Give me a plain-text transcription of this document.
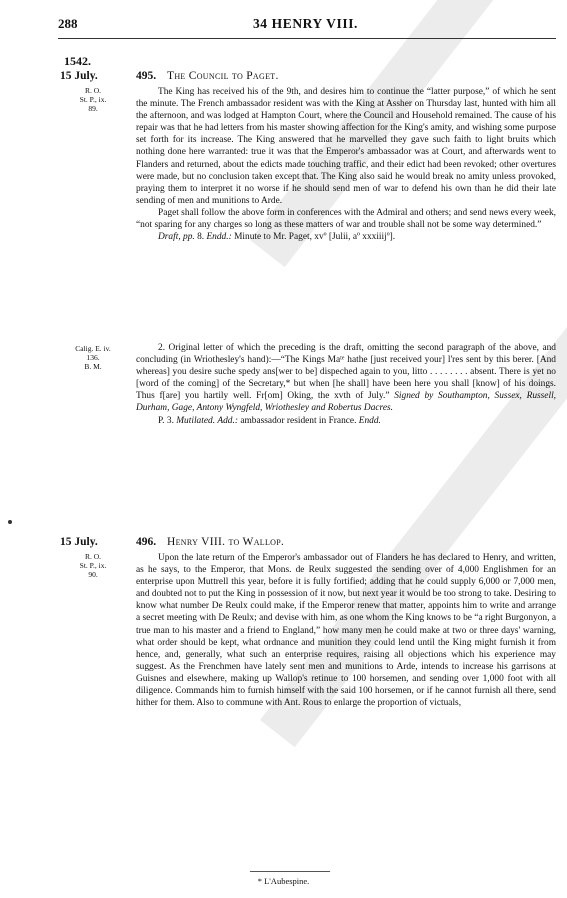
288	34 HENRY VIII.
1542.
15 July.
R. O.
St. P., ix.
89.
495. The Council to Paget.

The King has received his of the 9th, and desires him to continue the “latter purpose,” of which he sent the minute. The French ambassador resident was with the King at Assher on Thursday last, hunted with him all the afternoon, and was lodged at Hampton Court, where the Council and Household remained. The cause of his repair was that he had letters from his master showing affection for the King's amity, and wishing some purpose set forth for its increase. The King answered that he marvelled they gave such faith to light bruits which nothing done here warranted: true it was that the Emperor's ambassador was at Court, and afterwards went to Flanders and returned, about the edicts made touching traffic, and their edict had been revoked; other overtures were made, but no conclusion taken except that. The King also said he would break no amity unless provoked, praying them to interpret it no worse if he should send men of war to defend his own than he did their late sending of men and munitions to Arde.

Paget shall follow the above form in conferences with the Admiral and others; and send news every week, “not sparing for any charges so long as these matters of war and trouble shall not be some way determined.”

Draft, pp. 8. Endd.: Minute to Mr. Paget, xvº [Julii, aº xxxiiijº].

Calig. E. iv.
136.
B. M.

2. Original letter of which the preceding is the draft, omitting the second paragraph of the above, and concluding (in Wriothesley's hand):—“The Kings Maᵗᵉ hathe [just received your] l'res sent by this berer. [And whereas] you desire suche spedy ans[wer to be] dispeched again to you, litto . . . . . . . . absent. There is yet no [word of the coming] of the Secretary,* but when [he shall] have been here you shall [know] of his doings. Thus f[are] you hartily well. Fr[om] Oking, the xvth of July.” Signed by Southampton, Sussex, Russell, Durham, Gage, Antony Wyngfeld, Wriothesley and Robertus Dacres.

P. 3. Mutilated. Add.: ambassador resident in France. Endd.

15 July.
R. O.
St. P., ix.
90.
496. Henry VIII. to Wallop.

Upon the late return of the Emperor's ambassador out of Flanders he has declared to Henry, and written, as he says, to the Emperor, that Mons. de Reulx suggested the sending over of 4,000 Englishmen for an enterprise upon Muttrell this year, before it is fully fortified; adding that he could supply 6,000 or 7,000 men, and doubted not to put the King in possession of it now, but next year it would be too strong to take. Desiring to know what number De Reulx could make, if the Emperor renew that matter, appoints him to write and arrange a secret meeting with De Reulx; and devise with him, as one whom the King knows to be “a right Burgonyon, a true man to his master and a friend to England,” how many men he could make at two or three days' warning, what order should be kept, what ordnance and munition they could lend until the King might furnish it from hence, and, generally, what such an enterprise requires, raising all objections which his experience may suggest. As the Frenchmen have lately sent men and munitions to Arde, intends to increase his garrisons at Guisnes and elsewhere, making up Wallop's retinue to 100 horsemen, and sending over 1,000 foot with all diligence. Commands him to furnish himself with the said 100 horsemen, or if he cannot furnish all there, send hither for them. Also to commune with Ant. Rous to enlarge the proportion of victuals,

* L'Aubespine.
